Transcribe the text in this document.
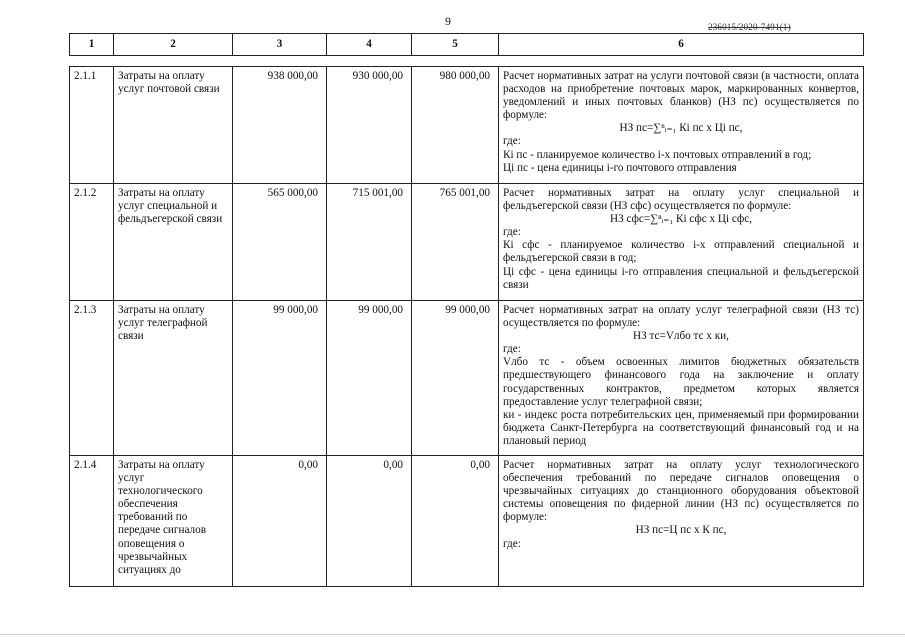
9	236015/2020-7491(1)
1	2	3	4	5	6
2.1.1	Затраты на оплату услуг почтовой связи	938 000,00	930 000,00	980 000,00	Расчет нормативных затрат на услуги почтовой связи (в частности, оплата расходов на приобретение почтовых марок, маркированных конвертов, уведомлений и иных почтовых бланков) (НЗ пс) осуществляется по формуле:

НЗ пс=∑ⁿᵢ₌₁ Кi пс х Цi пс,

где:

Кi пс - планируемое количество i-х почтовых отправлений в год;

Цi пс - цена единицы i-го почтового отправления

2.1.2	Затраты на оплату услуг специальной и фельдъегерской связи	565 000,00	715 001,00	765 001,00	Расчет нормативных затрат на оплату услуг специальной и фельдъегерской связи (НЗ сфс) осуществляется по формуле:

НЗ сфс=∑ⁿᵢ₌₁ Кi сфс х Цi сфс,

где:

Кi сфс - планируемое количество i-х отправлений специальной и фельдъегерской связи в год;

Цi сфс - цена единицы i-го отправления специальной и фельдъегерской связи

2.1.3	Затраты на оплату услуг телеграфной связи	99 000,00	99 000,00	99 000,00	Расчет нормативных затрат на оплату услуг телеграфной связи (НЗ тс) осуществляется по формуле:

НЗ тс=Vлбо тс х ки,

где:

Vлбо тс - объем освоенных лимитов бюджетных обязательств предшествующего финансового года на заключение и оплату государственных контрактов, предметом которых является предоставление услуг телеграфной связи;

ки - индекс роста потребительских цен, применяемый при формировании бюджета Санкт-Петербурга на соответствующий финансовый год и на плановый период

2.1.4	Затраты на оплату услуг технологического обеспечения требований по передаче сигналов оповещения о чрезвычайных ситуациях до	0,00	0,00	0,00	Расчет нормативных затрат на оплату услуг технологического обеспечения требований по передаче сигналов оповещения о чрезвычайных ситуациях до станционного оборудования объектовой системы оповещения по фидерной линии (НЗ пс) осуществляется по формуле:

НЗ пс=Ц пс х К пс,

где:
